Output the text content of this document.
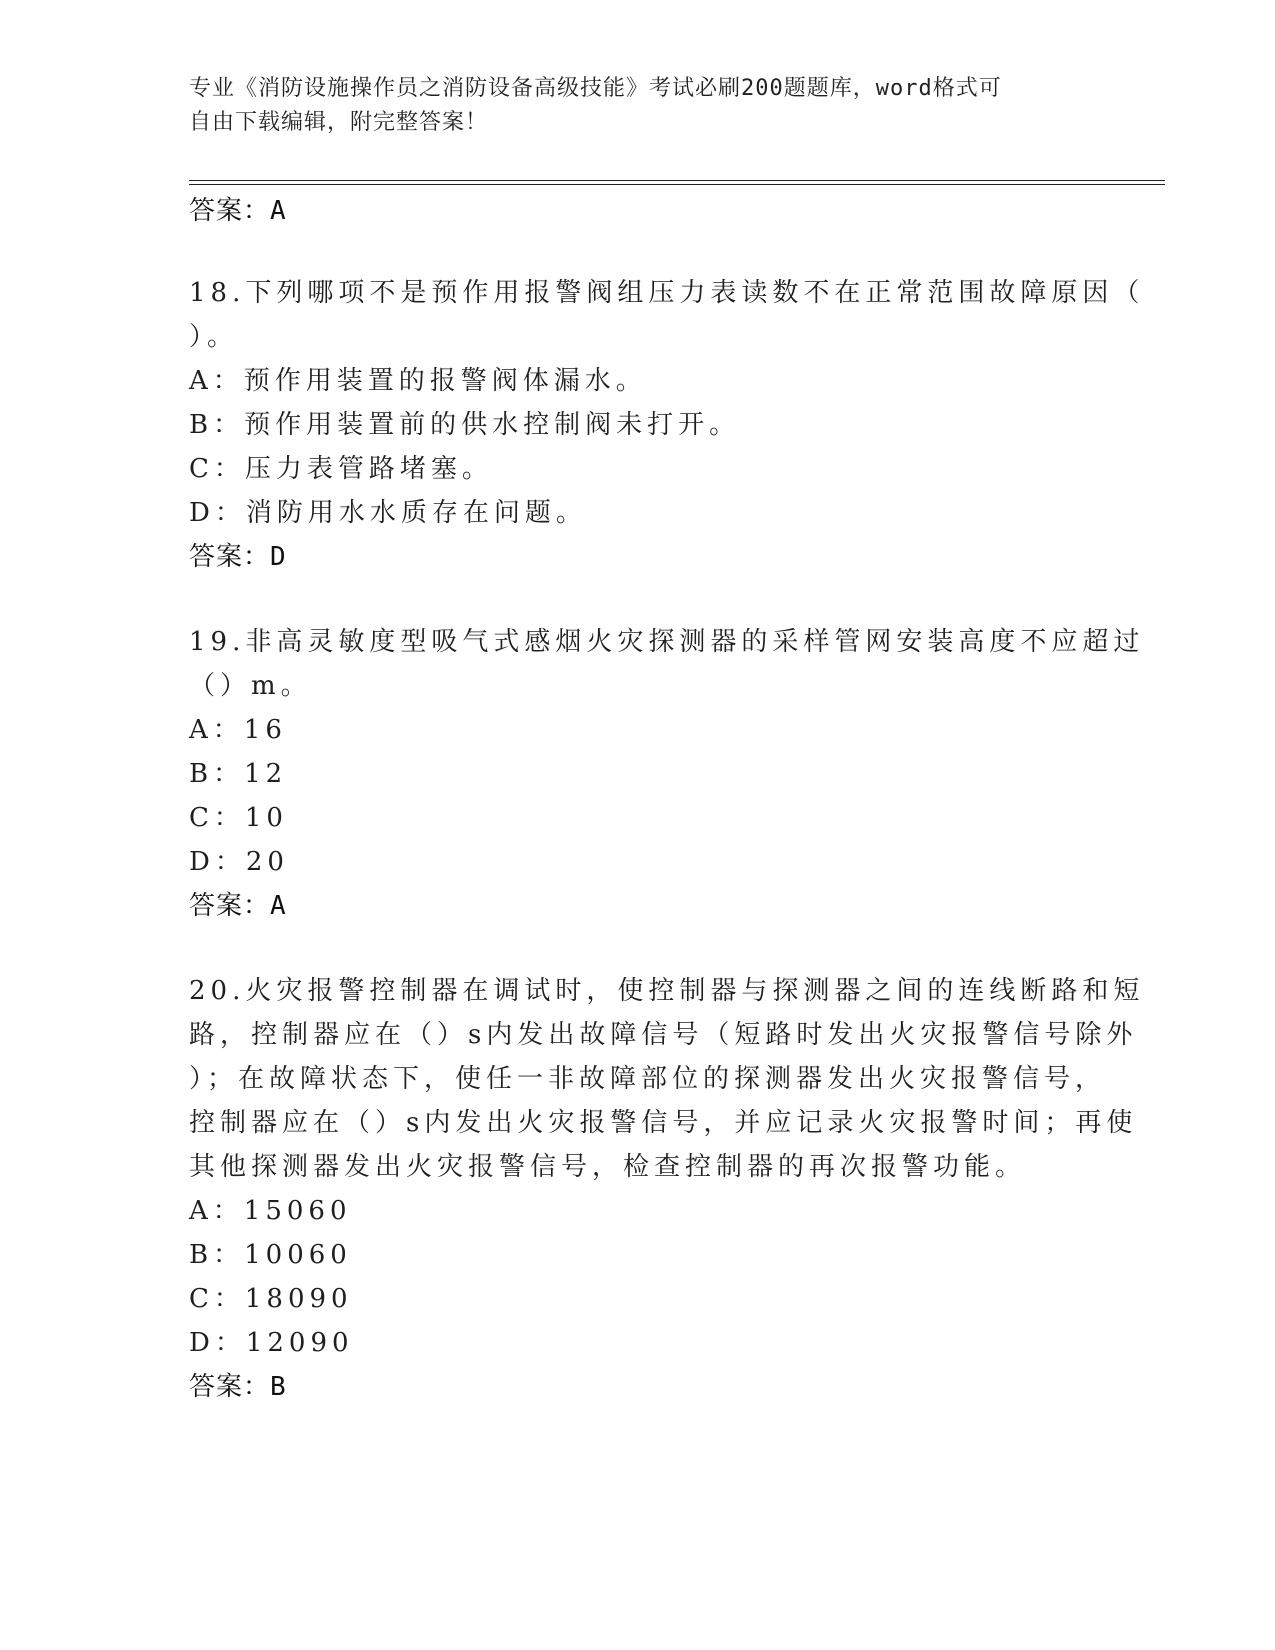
专业《消防设施操作员之消防设备高级技能》考试必刷200题题库，word格式可
自由下载编辑，附完整答案！
答案：A
18.下列哪项不是预作用报警阀组压力表读数不在正常范围故障原因（
）。
A：预作用装置的报警阀体漏水。
B：预作用装置前的供水控制阀未打开。
C：压力表管路堵塞。
D：消防用水水质存在问题。
答案：D
19.非高灵敏度型吸气式感烟火灾探测器的采样管网安装高度不应超过
（）m。
A：16
B：12
C：10
D：20
答案：A
20.火灾报警控制器在调试时，使控制器与探测器之间的连线断路和短
路，控制器应在（）s内发出故障信号（短路时发出火灾报警信号除外
）；在故障状态下，使任一非故障部位的探测器发出火灾报警信号，
控制器应在（）s内发出火灾报警信号，并应记录火灾报警时间；再使
其他探测器发出火灾报警信号，检查控制器的再次报警功能。
A：15060
B：10060
C：18090
D：12090
答案：B
